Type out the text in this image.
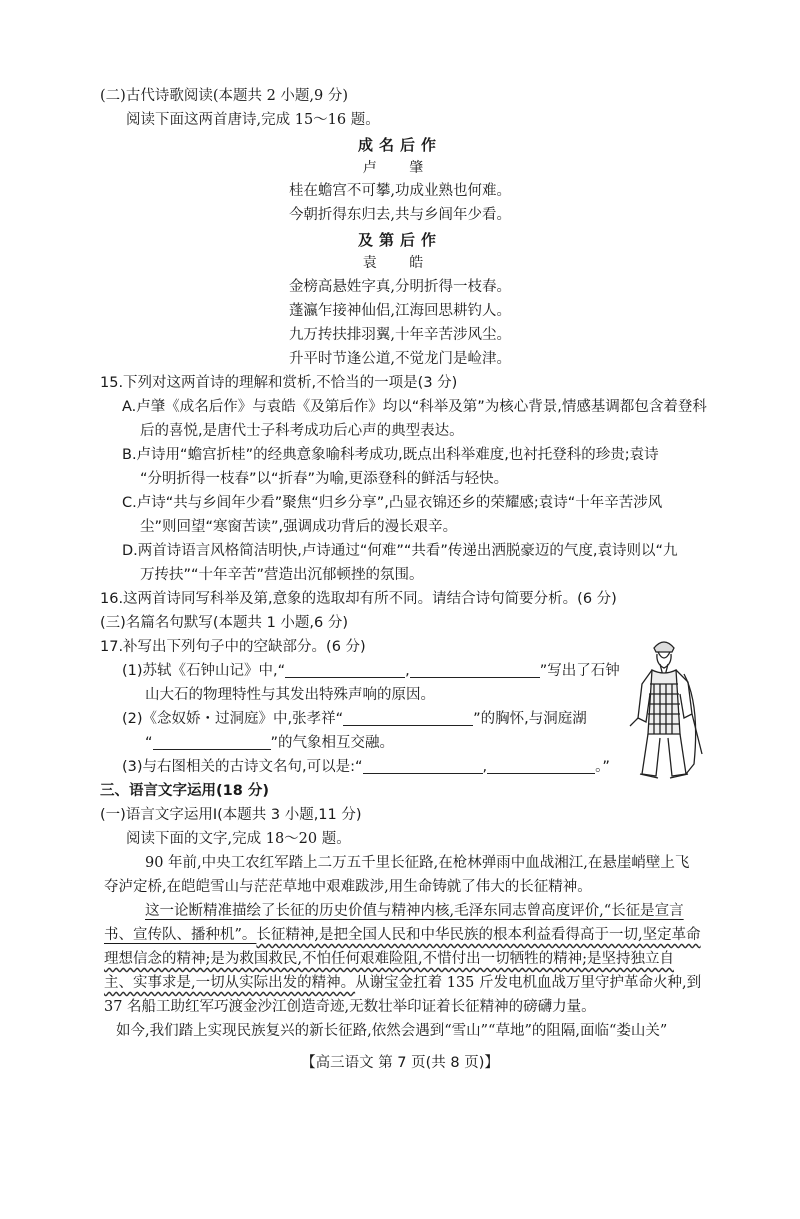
(二)古代诗歌阅读(本题共 2 小题,9 分)
阅读下面这两首唐诗,完成 15～16 题。
成名后作
卢 肇
桂在蟾宫不可攀,功成业熟也何难。
今朝折得东归去,共与乡闾年少看。
及第后作
袁 皓
金榜高悬姓字真,分明折得一枝春。
蓬瀛乍接神仙侣,江海回思耕钓人。
九万抟扶排羽翼,十年辛苦涉风尘。
升平时节逢公道,不觉龙门是崄津。
15.下列对这两首诗的理解和赏析,不恰当的一项是(3 分)
A.卢肇《成名后作》与袁皓《及第后作》均以“科举及第”为核心背景,情感基调都包含着登科
后的喜悦,是唐代士子科考成功后心声的典型表达。
B.卢诗用“蟾宫折桂”的经典意象喻科考成功,既点出科举难度,也衬托登科的珍贵;袁诗
“分明折得一枝春”以“折春”为喻,更添登科的鲜活与轻快。
C.卢诗“共与乡闾年少看”聚焦“归乡分享”,凸显衣锦还乡的荣耀感;袁诗“十年辛苦涉风
尘”则回望“寒窗苦读”,强调成功背后的漫长艰辛。
D.两首诗语言风格简洁明快,卢诗通过“何难”“共看”传递出洒脱豪迈的气度,袁诗则以“九
万抟扶”“十年辛苦”营造出沉郁顿挫的氛围。
16.这两首诗同写科举及第,意象的选取却有所不同。请结合诗句简要分析。(6 分)
(三)名篇名句默写(本题共 1 小题,6 分)
17.补写出下列句子中的空缺部分。(6 分)
(1)苏轼《石钟山记》中,“	,	”写出了石钟
山大石的物理特性与其发出特殊声响的原因。
(2)《念奴娇・过洞庭》中,张孝祥“	”的胸怀,与洞庭湖
“	”的气象相互交融。
(3)与右图相关的古诗文名句,可以是:“	,	。”
三、语言文字运用(18 分)
(一)语言文字运用Ⅰ(本题共 3 小题,11 分)
阅读下面的文字,完成 18～20 题。
90 年前,中央工农红军踏上二万五千里长征路,在枪林弹雨中血战湘江,在悬崖峭壁上飞
夺泸定桥,在皑皑雪山与茫茫草地中艰难跋涉,用生命铸就了伟大的长征精神。
这一论断精准描绘了长征的历史价值与精神内核,毛泽东同志曾高度评价,“长征是宣言
书、宣传队、播种机”。长征精神,是把全国人民和中华民族的根本利益看得高于一切,坚定革命
理想信念的精神;是为救国救民,不怕任何艰难险阻,不惜付出一切牺牲的精神;是坚持独立自
主、实事求是,一切从实际出发的精神。从谢宝金扛着 135 斤发电机血战万里守护革命火种,到
37 名船工助红军巧渡金沙江创造奇迹,无数壮举印证着长征精神的磅礴力量。
如今,我们踏上实现民族复兴的新长征路,依然会遇到“雪山”“草地”的阻隔,面临“娄山关”
【高三语文 第 7 页(共 8 页)】
